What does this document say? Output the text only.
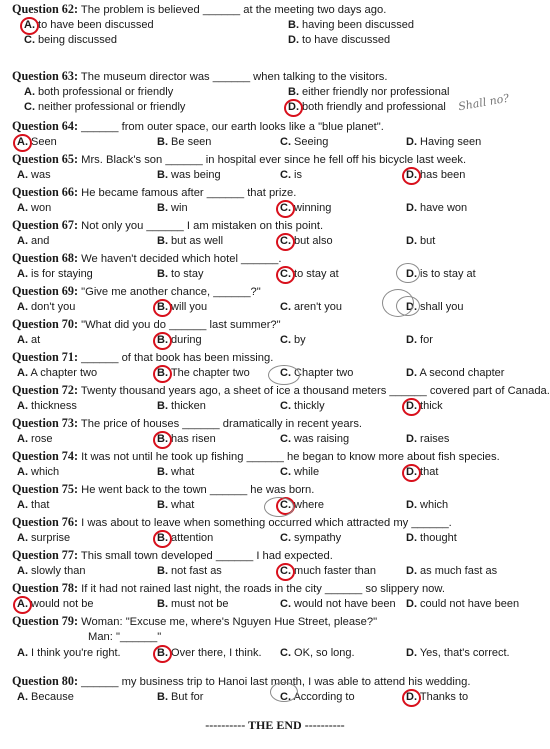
Question 62: The problem is believed ______ at the meeting two days ago.
A. to have been discussed	B. having been discussed
C. being discussed	D. to have discussed
Question 63: The museum director was ______ when talking to the visitors.
A. both professional or friendly	B. either friendly nor professional
C. neither professional or friendly	D. both friendly and professional
Question 64: ______ from outer space, our earth looks like a "blue planet".
A. Seen	B. Be seen	C. Seeing	D. Having seen
Question 65: Mrs. Black's son ______ in hospital ever since he fell off his bicycle last week.
A. was	B. was being	C. is	D. has been
Question 66: He became famous after ______ that prize.
A. won	B. win	C. winning	D. have won
Question 67: Not only you ______ I am mistaken on this point.
A. and	B. but as well	C. but also	D. but
Question 68: We haven't decided which hotel ______.
A. is for staying	B. to stay	C. to stay at	D. is to stay at
Question 69: "Give me another chance, ______?"
A. don't you	B. will you	C. aren't you	D. shall you
Question 70: "What did you do ______ last summer?"
A. at	B. during	C. by	D. for
Question 71: ______ of that book has been missing.
A. A chapter two	B. The chapter two	C. Chapter two	D. A second chapter
Question 72: Twenty thousand years ago, a sheet of ice a thousand meters ______ covered part of Canada.
A. thickness	B. thicken	C. thickly	D. thick
Question 73: The price of houses ______ dramatically in recent years.
A. rose	B. has risen	C. was raising	D. raises
Question 74: It was not until he took up fishing ______ he began to know more about fish species.
A. which	B. what	C. while	D. that
Question 75: He went back to the town ______ he was born.
A. that	B. what	C. where	D. which
Question 76: I was about to leave when something occurred which attracted my ______.
A. surprise	B. attention	C. sympathy	D. thought
Question 77: This small town developed ______ I had expected.
A. slowly than	B. not fast as	C. much faster than	D. as much fast as
Question 78: If it had not rained last night, the roads in the city ______ so slippery now.
A. would not be	B. must not be	C. would not have been D. could not have been
Question 79: Woman: "Excuse me, where's Nguyen Hue Street, please?"
Man: "______"
A. I think you're right.	B. Over there, I think. C. OK, so long.	D. Yes, that's correct.
Question 80: ______ my business trip to Hanoi last month, I was able to attend his wedding.
A. Because	B. But for	C. According to	D. Thanks to
---------- THE END ----------
Shall no?
